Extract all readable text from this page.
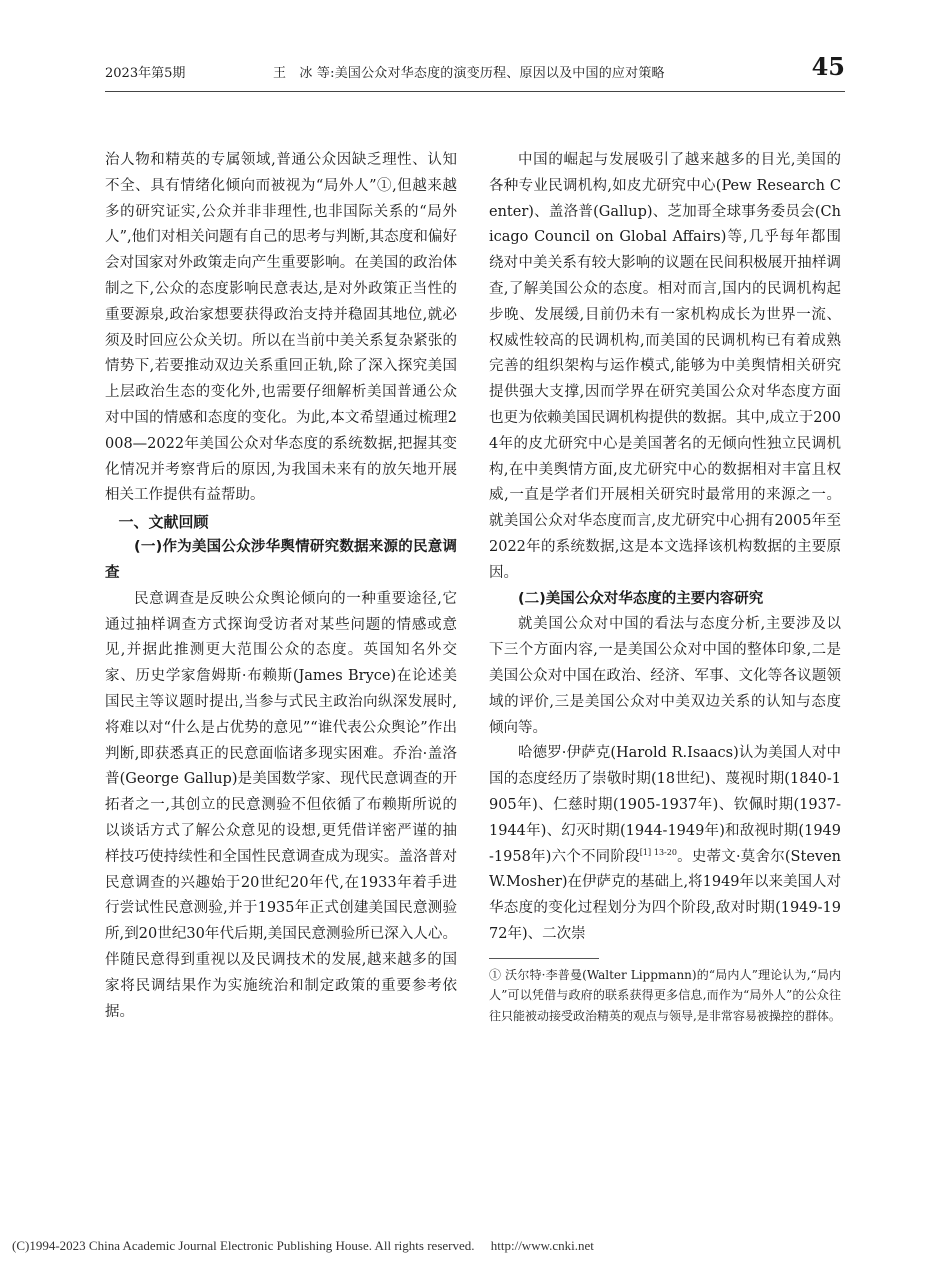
2023年第5期	王　冰 等:美国公众对华态度的演变历程、原因以及中国的应对策略	45

治人物和精英的专属领域,普通公众因缺乏理性、认知不全、具有情绪化倾向而被视为“局外人”①,但越来越多的研究证实,公众并非非理性,也非国际关系的“局外人”,他们对相关问题有自己的思考与判断,其态度和偏好会对国家对外政策走向产生重要影响。在美国的政治体制之下,公众的态度影响民意表达,是对外政策正当性的重要源泉,政治家想要获得政治支持并稳固其地位,就必须及时回应公众关切。所以在当前中美关系复杂紧张的情势下,若要推动双边关系重回正轨,除了深入探究美国上层政治生态的变化外,也需要仔细解析美国普通公众对中国的情感和态度的变化。为此,本文希望通过梳理2008—2022年美国公众对华态度的系统数据,把握其变化情况并考察背后的原因,为我国未来有的放矢地开展相关工作提供有益帮助。

一、文献回顾

(一)作为美国公众涉华舆情研究数据来源的民意调查

民意调查是反映公众舆论倾向的一种重要途径,它通过抽样调查方式探询受访者对某些问题的情感或意见,并据此推测更大范围公众的态度。英国知名外交家、历史学家詹姆斯·布赖斯(James Bryce)在论述美国民主等议题时提出,当参与式民主政治向纵深发展时,将难以对“什么是占优势的意见”“谁代表公众舆论”作出判断,即获悉真正的民意面临诸多现实困难。乔治·盖洛普(George Gallup)是美国数学家、现代民意调查的开拓者之一,其创立的民意测验不但依循了布赖斯所说的以谈话方式了解公众意见的设想,更凭借详密严谨的抽样技巧使持续性和全国性民意调查成为现实。盖洛普对民意调查的兴趣始于20世纪20年代,在1933年着手进行尝试性民意测验,并于1935年正式创建美国民意测验所,到20世纪30年代后期,美国民意测验所已深入人心。伴随民意得到重视以及民调技术的发展,越来越多的国家将民调结果作为实施统治和制定政策的重要参考依据。

中国的崛起与发展吸引了越来越多的目光,美国的各种专业民调机构,如皮尤研究中心(Pew Research Center)、盖洛普(Gallup)、芝加哥全球事务委员会(Chicago Council on Global Affairs)等,几乎每年都围绕对中美关系有较大影响的议题在民间积极展开抽样调查,了解美国公众的态度。相对而言,国内的民调机构起步晚、发展缓,目前仍未有一家机构成长为世界一流、权威性较高的民调机构,而美国的民调机构已有着成熟完善的组织架构与运作模式,能够为中美舆情相关研究提供强大支撑,因而学界在研究美国公众对华态度方面也更为依赖美国民调机构提供的数据。其中,成立于2004年的皮尤研究中心是美国著名的无倾向性独立民调机构,在中美舆情方面,皮尤研究中心的数据相对丰富且权威,一直是学者们开展相关研究时最常用的来源之一。就美国公众对华态度而言,皮尤研究中心拥有2005年至2022年的系统数据,这是本文选择该机构数据的主要原因。

(二)美国公众对华态度的主要内容研究

就美国公众对中国的看法与态度分析,主要涉及以下三个方面内容,一是美国公众对中国的整体印象,二是美国公众对中国在政治、经济、军事、文化等各议题领域的评价,三是美国公众对中美双边关系的认知与态度倾向等。

哈德罗·伊萨克(Harold R.Isaacs)认为美国人对中国的态度经历了崇敬时期(18世纪)、蔑视时期(1840-1905年)、仁慈时期(1905-1937年)、钦佩时期(1937-1944年)、幻灭时期(1944-1949年)和敌视时期(1949-1958年)六个不同阶段$^{[1] 13-20}$。史蒂文·莫舍尔(Steven W.Mosher)在伊萨克的基础上,将1949年以来美国人对华态度的变化过程划分为四个阶段,敌对时期(1949-1972年)、二次崇

① 沃尔特·李普曼(Walter Lippmann)的“局内人”理论认为,“局内人”可以凭借与政府的联系获得更多信息,而作为“局外人”的公众往往只能被动接受政治精英的观点与领导,是非常容易被操控的群体。

(C)1994-2023 China Academic Journal Electronic Publishing House. All rights reserved.　 http://www.cnki.net
